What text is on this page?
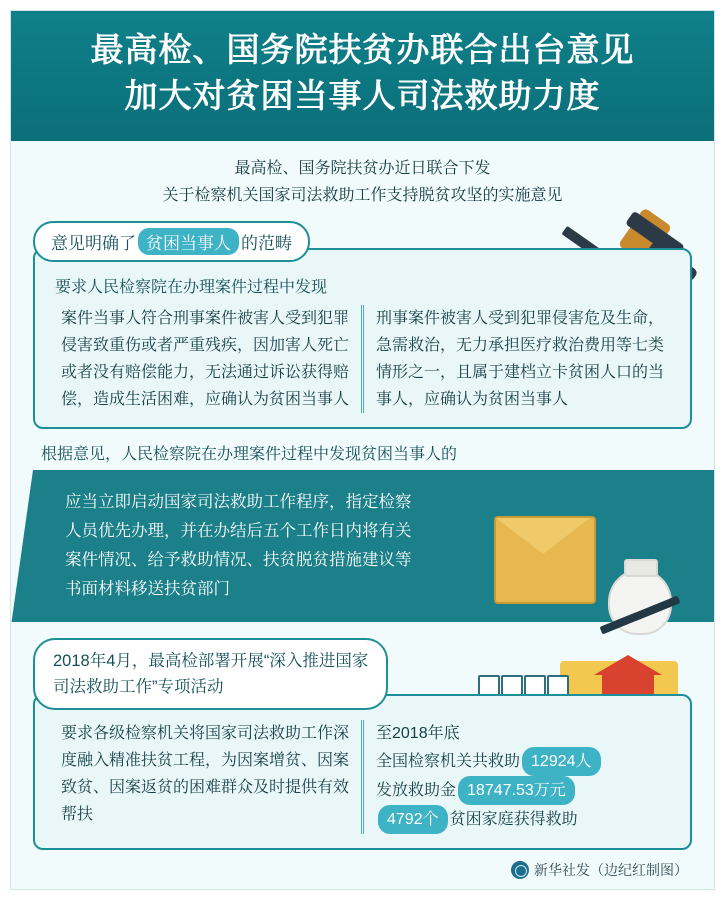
最高检、国务院扶贫办联合出台意见
加大对贫困当事人司法救助力度
最高检、国务院扶贫办近日联合下发
关于检察机关国家司法救助工作支持脱贫攻坚的实施意见
意见明确了 贫困当事人 的范畴
要求人民检察院在办理案件过程中发现
案件当事人符合刑事案件被害人受到犯罪侵害致重伤或者严重残疾，因加害人死亡或者没有赔偿能力，无法通过诉讼获得赔偿，造成生活困难，应确认为贫困当事人
刑事案件被害人受到犯罪侵害危及生命，急需救治，无力承担医疗救治费用等七类情形之一，且属于建档立卡贫困人口的当事人，应确认为贫困当事人
根据意见，人民检察院在办理案件过程中发现贫困当事人的

应当立即启动国家司法救助工作程序，指定检察

人员优先办理，并在办结后五个工作日内将有关

案件情况、给予救助情况、扶贫脱贫措施建议等

书面材料移送扶贫部门

2018年4月，最高检部署开展“深入推进国家
司法救助工作”专项活动
要求各级检察机关将国家司法救助工作深度融入精准扶贫工程，为因案增贫、因案致贫、因案返贫的困难群众及时提供有效帮扶
至2018年底
全国检察机关共救助 12924人
发放救助金 18747.53万元
4792个 贫困家庭获得救助
新华社发（边纪红制图）
